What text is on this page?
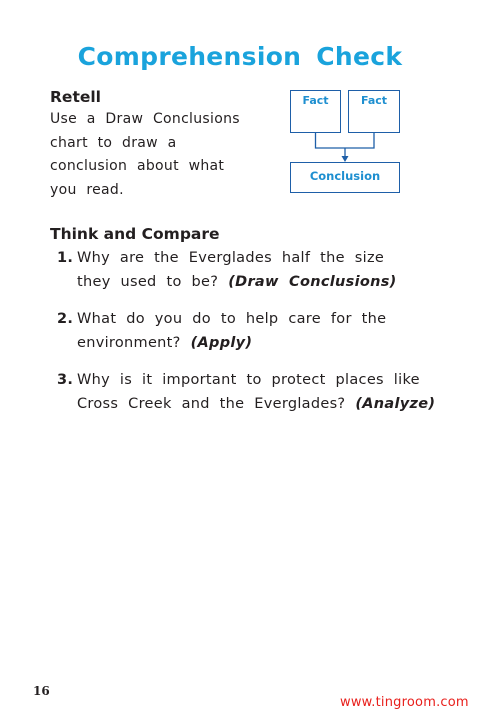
Comprehension Check
Retell
Use a Draw Conclusions
chart to draw a
conclusion about what
you read.
Fact	Fact
Conclusion
Think and Compare
1. Why are the Everglades half the size
they used to be? (Draw Conclusions)
2. What do you do to help care for the
environment? (Apply)
3. Why is it important to protect places like
Cross Creek and the Everglades? (Analyze)
16
www.tingroom.com
